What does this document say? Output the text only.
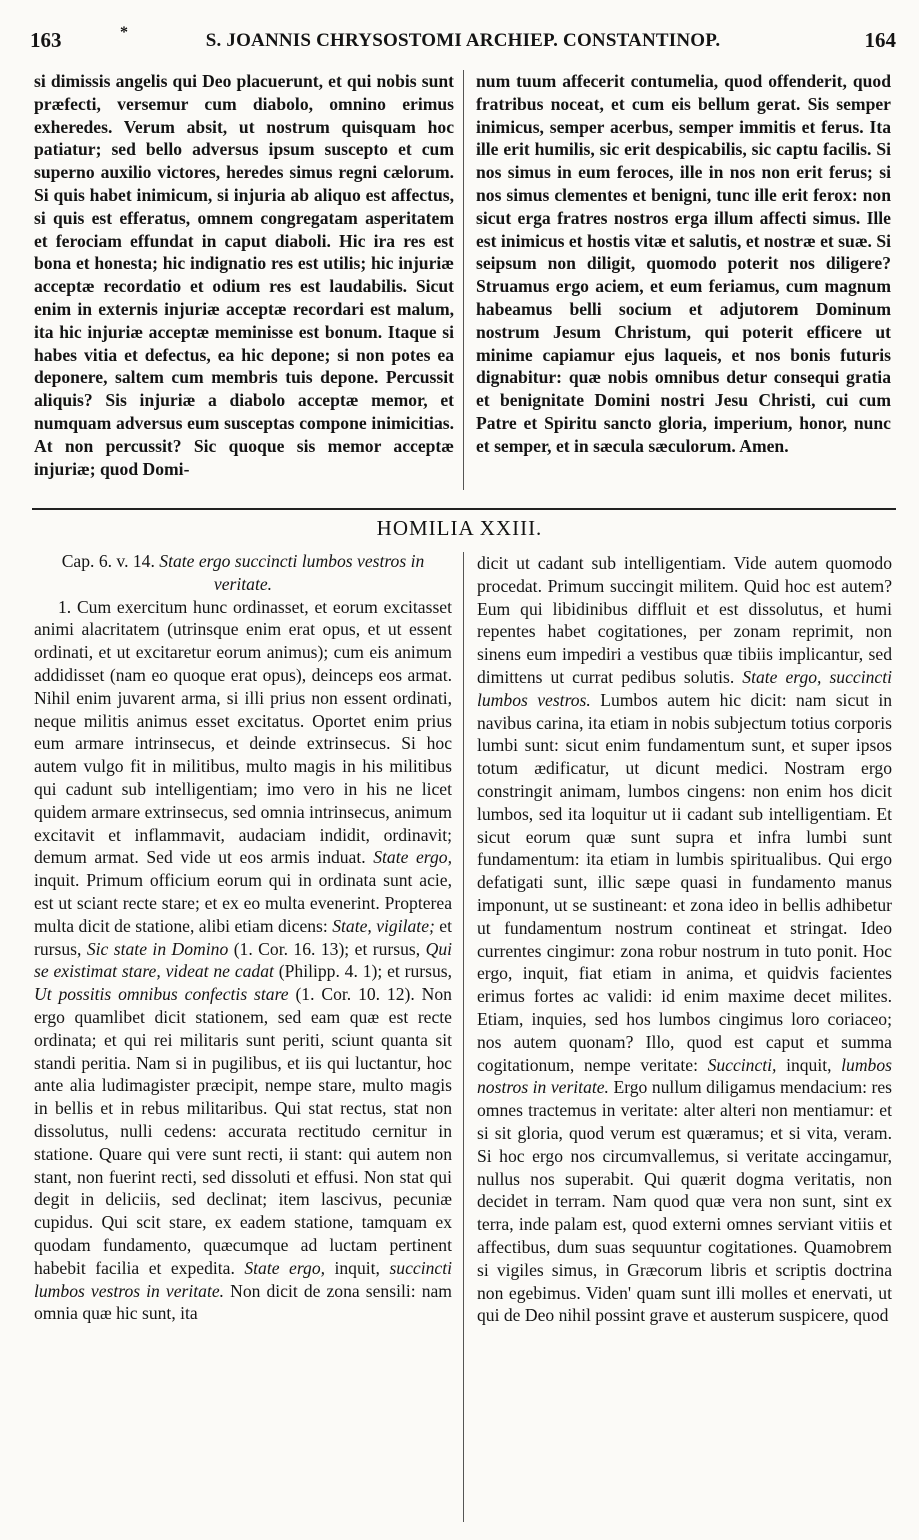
163	*	S. JOANNIS CHRYSOSTOMI ARCHIEP. CONSTANTINOP.	164

si dimissis angelis qui Deo placuerunt, et qui nobis sunt præfecti, versemur cum diabolo, omnino erimus exheredes. Verum absit, ut nostrum quisquam hoc patiatur; sed bello adversus ipsum suscepto et cum superno auxilio victores, heredes simus regni cælorum. Si quis habet inimicum, si injuria ab aliquo est affectus, si quis est efferatus, omnem congregatam asperitatem et ferociam effundat in caput diaboli. Hic ira res est bona et honesta; hic indignatio res est utilis; hic injuriæ acceptæ recordatio et odium res est laudabilis. Sicut enim in externis injuriæ acceptæ recordari est malum, ita hic injuriæ acceptæ meminisse est bonum. Itaque si habes vitia et defectus, ea hic depone; si non potes ea deponere, saltem cum membris tuis depone. Percussit aliquis? Sis injuriæ a diabolo acceptæ memor, et numquam adversus eum susceptas compone inimicitias. At non percussit? Sic quoque sis memor acceptæ injuriæ; quod Domi-

num tuum affecerit contumelia, quod offenderit, quod fratribus noceat, et cum eis bellum gerat. Sis semper inimicus, semper acerbus, semper immitis et ferus. Ita ille erit humilis, sic erit despicabilis, sic captu facilis. Si nos simus in eum feroces, ille in nos non erit ferus; si nos simus clementes et benigni, tunc ille erit ferox: non sicut erga fratres nostros erga illum affecti simus. Ille est inimicus et hostis vitæ et salutis, et nostræ et suæ. Si seipsum non diligit, quomodo poterit nos diligere? Struamus ergo aciem, et eum feriamus, cum magnum habeamus belli socium et adjutorem Dominum nostrum Jesum Christum, qui poterit efficere ut minime capiamur ejus laqueis, et nos bonis futuris dignabitur: quæ nobis omnibus detur consequi gratia et benignitate Domini nostri Jesu Christi, cui cum Patre et Spiritu sancto gloria, imperium, honor, nunc et semper, et in sæcula sæculorum. Amen.

HOMILIA XXIII.

Cap. 6. v. 14. State ergo succincti lumbos vestros in veritate.

1. Cum exercitum hunc ordinasset, et eorum excitasset animi alacritatem (utrinsque enim erat opus, et ut essent ordinati, et ut excitaretur eorum animus); cum eis animum addidisset (nam eo quoque erat opus), deinceps eos armat. Nihil enim juvarent arma, si illi prius non essent ordinati, neque militis animus esset excitatus. Oportet enim prius eum armare intrinsecus, et deinde extrinsecus. Si hoc autem vulgo fit in militibus, multo magis in his militibus qui cadunt sub intelligentiam; imo vero in his ne licet quidem armare extrinsecus, sed omnia intrinsecus, animum excitavit et inflammavit, audaciam indidit, ordinavit; demum armat. Sed vide ut eos armis induat. State ergo, inquit. Primum officium eorum qui in ordinata sunt acie, est ut sciant recte stare; et ex eo multa evenerint. Propterea multa dicit de statione, alibi etiam dicens: State, vigilate; et rursus, Sic state in Domino (1. Cor. 16. 13); et rursus, Qui se existimat stare, videat ne cadat (Philipp. 4. 1); et rursus, Ut possitis omnibus confectis stare (1. Cor. 10. 12). Non ergo quamlibet dicit stationem, sed eam quæ est recte ordinata; et qui rei militaris sunt periti, sciunt quanta sit standi peritia. Nam si in pugilibus, et iis qui luctantur, hoc ante alia ludimagister præcipit, nempe stare, multo magis in bellis et in rebus militaribus. Qui stat rectus, stat non dissolutus, nulli cedens: accurata rectitudo cernitur in statione. Quare qui vere sunt recti, ii stant: qui autem non stant, non fuerint recti, sed dissoluti et effusi. Non stat qui degit in deliciis, sed declinat; item lascivus, pecuniæ cupidus. Qui scit stare, ex eadem statione, tamquam ex quodam fundamento, quæcumque ad luctam pertinent habebit facilia et expedita. State ergo, inquit, succincti lumbos vestros in veritate. Non dicit de zona sensili: nam omnia quæ hic sunt, ita

dicit ut cadant sub intelligentiam. Vide autem quomodo procedat. Primum succingit militem. Quid hoc est autem? Eum qui libidinibus diffluit et est dissolutus, et humi repentes habet cogitationes, per zonam reprimit, non sinens eum impediri a vestibus quæ tibiis implicantur, sed dimittens ut currat pedibus solutis. State ergo, succincti lumbos vestros. Lumbos autem hic dicit: nam sicut in navibus carina, ita etiam in nobis subjectum totius corporis lumbi sunt: sicut enim fundamentum sunt, et super ipsos totum ædificatur, ut dicunt medici. Nostram ergo constringit animam, lumbos cingens: non enim hos dicit lumbos, sed ita loquitur ut ii cadant sub intelligentiam. Et sicut eorum quæ sunt supra et infra lumbi sunt fundamentum: ita etiam in lumbis spiritualibus. Qui ergo defatigati sunt, illic sæpe quasi in fundamento manus imponunt, ut se sustineant: et zona ideo in bellis adhibetur ut fundamentum nostrum contineat et stringat. Ideo currentes cingimur: zona robur nostrum in tuto ponit. Hoc ergo, inquit, fiat etiam in anima, et quidvis facientes erimus fortes ac validi: id enim maxime decet milites. Etiam, inquies, sed hos lumbos cingimus loro coriaceo; nos autem quonam? Illo, quod est caput et summa cogitationum, nempe veritate: Succincti, inquit, lumbos nostros in veritate. Ergo nullum diligamus mendacium: res omnes tractemus in veritate: alter alteri non mentiamur: et si sit gloria, quod verum est quæramus; et si vita, veram. Si hoc ergo nos circumvallemus, si veritate accingamur, nullus nos superabit. Qui quærit dogma veritatis, non decidet in terram. Nam quod quæ vera non sunt, sint ex terra, inde palam est, quod externi omnes serviant vitiis et affectibus, dum suas sequuntur cogitationes. Quamobrem si vigiles simus, in Græcorum libris et scriptis doctrina non egebimus. Viden' quam sunt illi molles et enervati, ut qui de Deo nihil possint grave et austerum suspicere, quod
